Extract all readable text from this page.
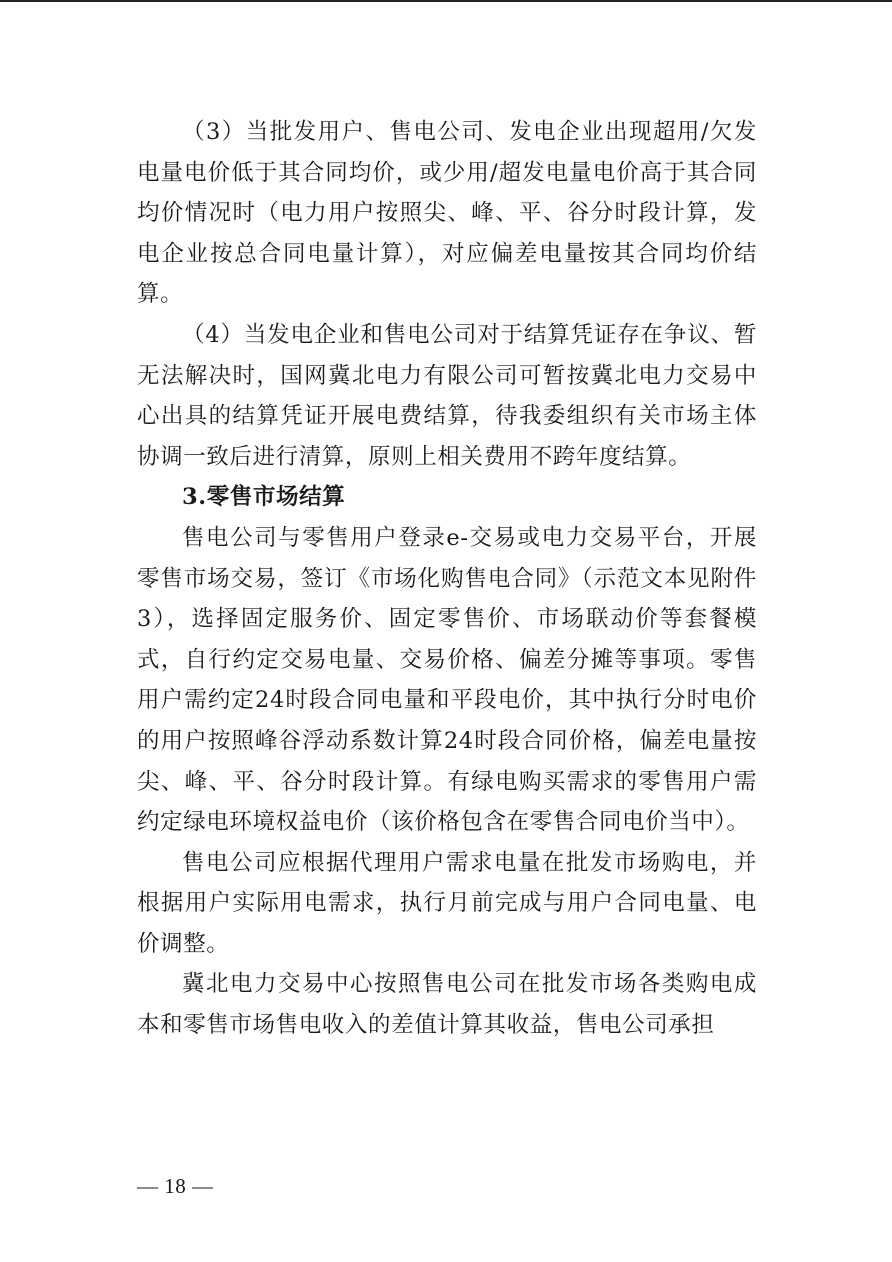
（3）当批发用户、售电公司、发电企业出现超用/欠发电量电价低于其合同均价，或少用/超发电量电价高于其合同均价情况时（电力用户按照尖、峰、平、谷分时段计算，发电企业按总合同电量计算），对应偏差电量按其合同均价结算。

（4）当发电企业和售电公司对于结算凭证存在争议、暂无法解决时，国网冀北电力有限公司可暂按冀北电力交易中心出具的结算凭证开展电费结算，待我委组织有关市场主体协调一致后进行清算，原则上相关费用不跨年度结算。

3.零售市场结算

售电公司与零售用户登录e-交易或电力交易平台，开展零售市场交易，签订《市场化购售电合同》（示范文本见附件3），选择固定服务价、固定零售价、市场联动价等套餐模式，自行约定交易电量、交易价格、偏差分摊等事项。零售用户需约定24时段合同电量和平段电价，其中执行分时电价的用户按照峰谷浮动系数计算24时段合同价格，偏差电量按尖、峰、平、谷分时段计算。有绿电购买需求的零售用户需约定绿电环境权益电价（该价格包含在零售合同电价当中）。

售电公司应根据代理用户需求电量在批发市场购电，并根据用户实际用电需求，执行月前完成与用户合同电量、电价调整。

冀北电力交易中心按照售电公司在批发市场各类购电成本和零售市场售电收入的差值计算其收益，售电公司承担

— 18 —
